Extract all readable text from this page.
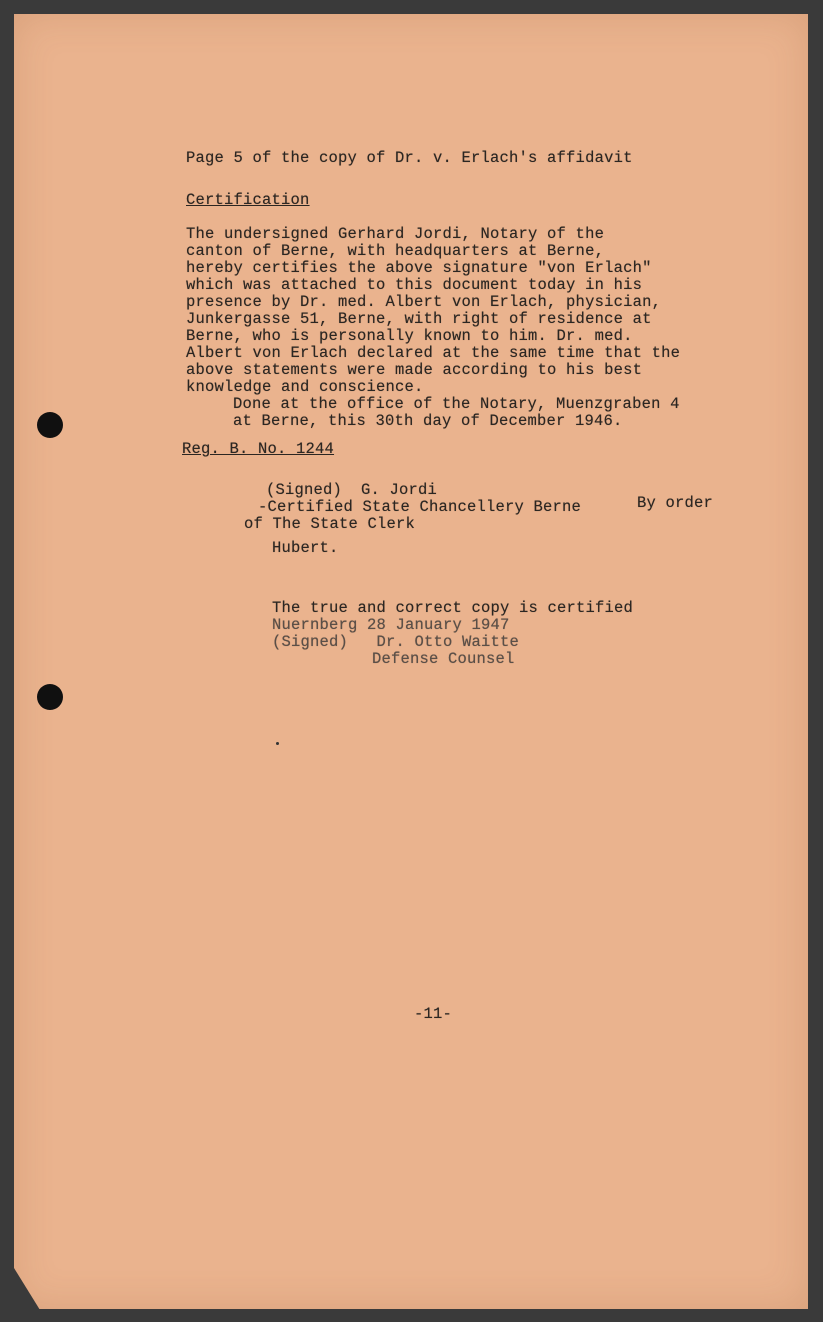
Page 5 of the copy of Dr. v. Erlach's affidavit

Certification

The undersigned Gerhard Jordi, Notary of the

canton of Berne, with headquarters at Berne,

hereby certifies the above signature "von Erlach"

which was attached to this document today in his

presence by Dr. med. Albert von Erlach, physician,

Junkergasse 51, Berne, with right of residence at

Berne, who is personally known to him. Dr. med.

Albert von Erlach declared at the same time that the

above statements were made according to his best

knowledge and conscience.

Done at the office of the Notary, Muenzgraben 4

at Berne, this 30th day of December 1946.

Reg. B. No. 1244

(Signed)  G. Jordi

-Certified State Chancellery Berne	By order

of The State Clerk

Hubert.

The true and correct copy is certified

Nuernberg 28 January 1947

(Signed)   Dr. Otto Waitte

Defense Counsel

-11-
